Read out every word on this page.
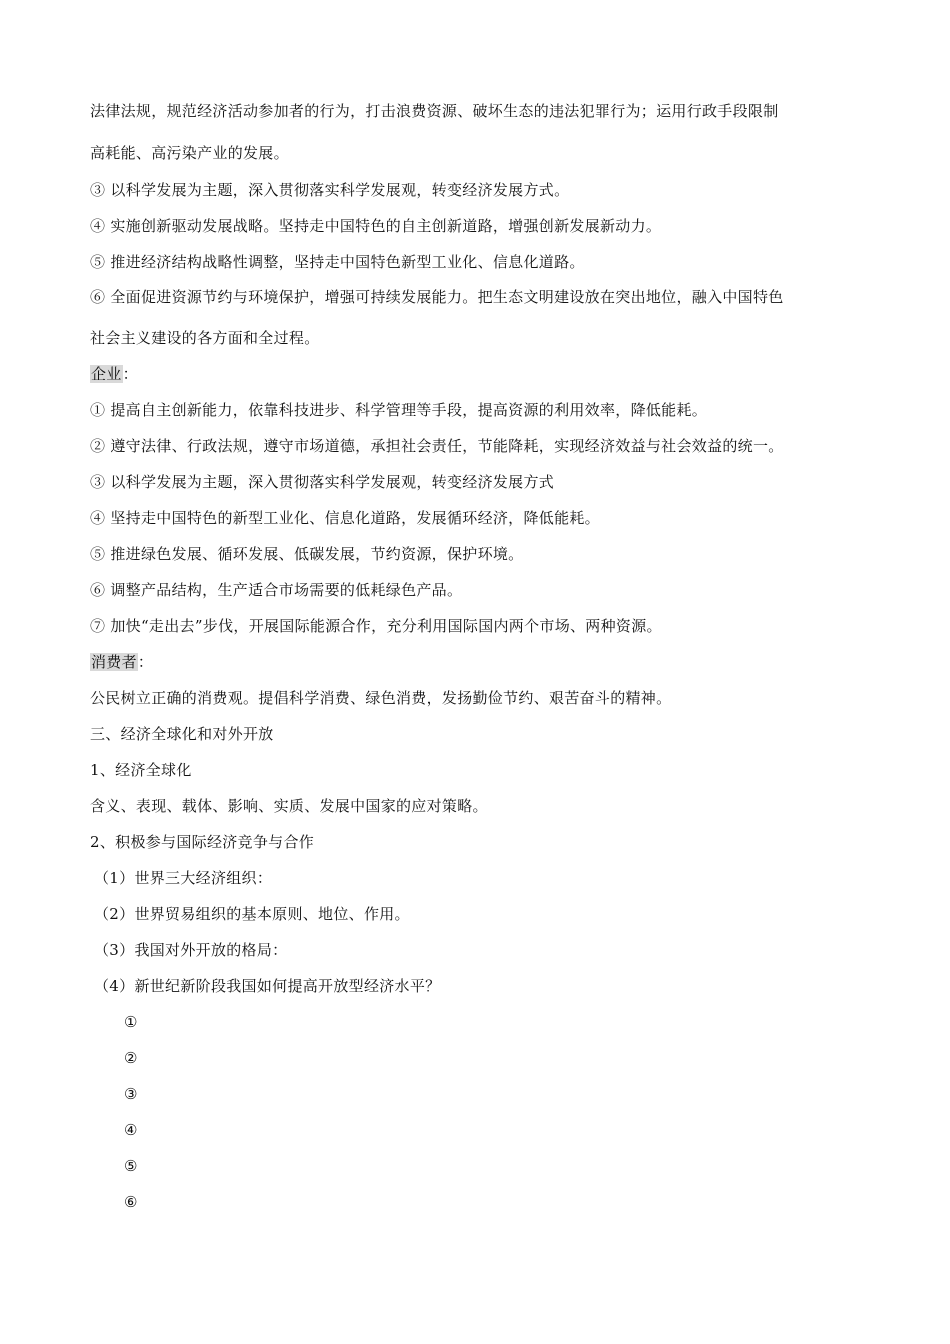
法律法规，规范经济活动参加者的行为，打击浪费资源、破坏生态的违法犯罪行为；运用行政手段限制
高耗能、高污染产业的发展。
③ 以科学发展为主题，深入贯彻落实科学发展观，转变经济发展方式。
④ 实施创新驱动发展战略。坚持走中国特色的自主创新道路，增强创新发展新动力。
⑤ 推进经济结构战略性调整，坚持走中国特色新型工业化、信息化道路。
⑥ 全面促进资源节约与环境保护，增强可持续发展能力。把生态文明建设放在突出地位，融入中国特色
社会主义建设的各方面和全过程。
企业：
① 提高自主创新能力，依靠科技进步、科学管理等手段，提高资源的利用效率，降低能耗。
② 遵守法律、行政法规，遵守市场道德，承担社会责任，节能降耗，实现经济效益与社会效益的统一。
③ 以科学发展为主题，深入贯彻落实科学发展观，转变经济发展方式
④ 坚持走中国特色的新型工业化、信息化道路，发展循环经济，降低能耗。
⑤ 推进绿色发展、循环发展、低碳发展，节约资源，保护环境。
⑥ 调整产品结构，生产适合市场需要的低耗绿色产品。
⑦ 加快“走出去”步伐，开展国际能源合作，充分利用国际国内两个市场、两种资源。
消费者：
公民树立正确的消费观。提倡科学消费、绿色消费，发扬勤俭节约、艰苦奋斗的精神。
三、经济全球化和对外开放
1、经济全球化
含义、表现、载体、影响、实质、发展中国家的应对策略。
2、积极参与国际经济竞争与合作
（1）世界三大经济组织：
（2）世界贸易组织的基本原则、地位、作用。
（3）我国对外开放的格局：
（4）新世纪新阶段我国如何提高开放型经济水平？
①
②
③
④
⑤
⑥
